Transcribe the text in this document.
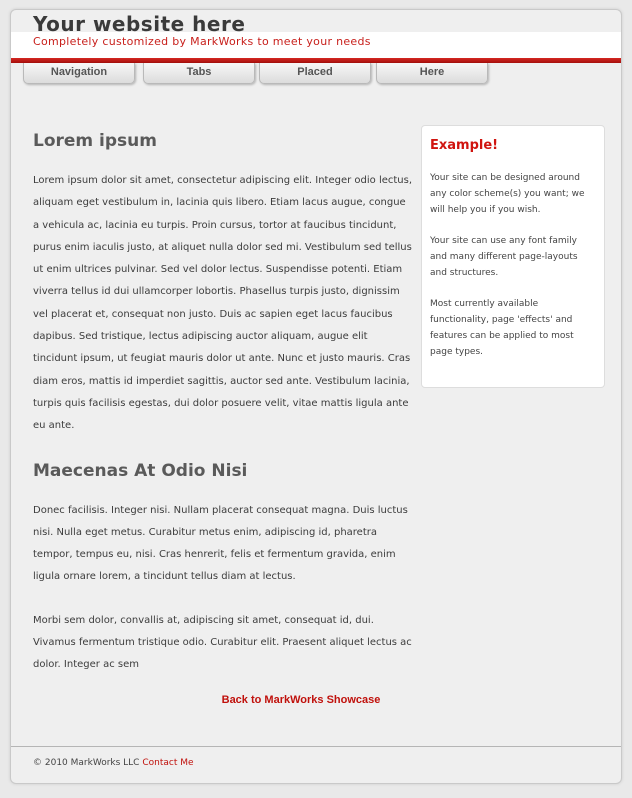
Your website here
Completely customized by MarkWorks to meet your needs
Navigation	Tabs	Placed	Here
Lorem ipsum

Lorem ipsum dolor sit amet, consectetur adipiscing elit. Integer odio lectus, aliquam eget vestibulum in, lacinia quis libero. Etiam lacus augue, congue a vehicula ac, lacinia eu turpis. Proin cursus, tortor at faucibus tincidunt, purus enim iaculis justo, at aliquet nulla dolor sed mi. Vestibulum sed tellus ut enim ultrices pulvinar. Sed vel dolor lectus. Suspendisse potenti. Etiam viverra tellus id dui ullamcorper lobortis. Phasellus turpis justo, dignissim vel placerat et, consequat non justo. Duis ac sapien eget lacus faucibus dapibus. Sed tristique, lectus adipiscing auctor aliquam, augue elit tincidunt ipsum, ut feugiat mauris dolor ut ante. Nunc et justo mauris. Cras diam eros, mattis id imperdiet sagittis, auctor sed ante. Vestibulum lacinia, turpis quis facilisis egestas, dui dolor posuere velit, vitae mattis ligula ante eu ante.

Maecenas At Odio Nisi

Donec facilisis. Integer nisi. Nullam placerat consequat magna. Duis luctus nisi. Nulla eget metus. Curabitur metus enim, adipiscing id, pharetra tempor, tempus eu, nisi. Cras henrerit, felis et fermentum gravida, enim ligula ornare lorem, a tincidunt tellus diam at lectus.

Morbi sem dolor, convallis at, adipiscing sit amet, consequat id, dui. Vivamus fermentum tristique odio. Curabitur elit. Praesent aliquet lectus ac dolor. Integer ac sem

Example!

Your site can be designed around any color scheme(s) you want; we will help you if you wish.

Your site can use any font family and many different page-layouts and structures.

Most currently available functionality, page 'effects' and features can be applied to most page types.

Back to MarkWorks Showcase
© 2010 MarkWorks LLC Contact Me
